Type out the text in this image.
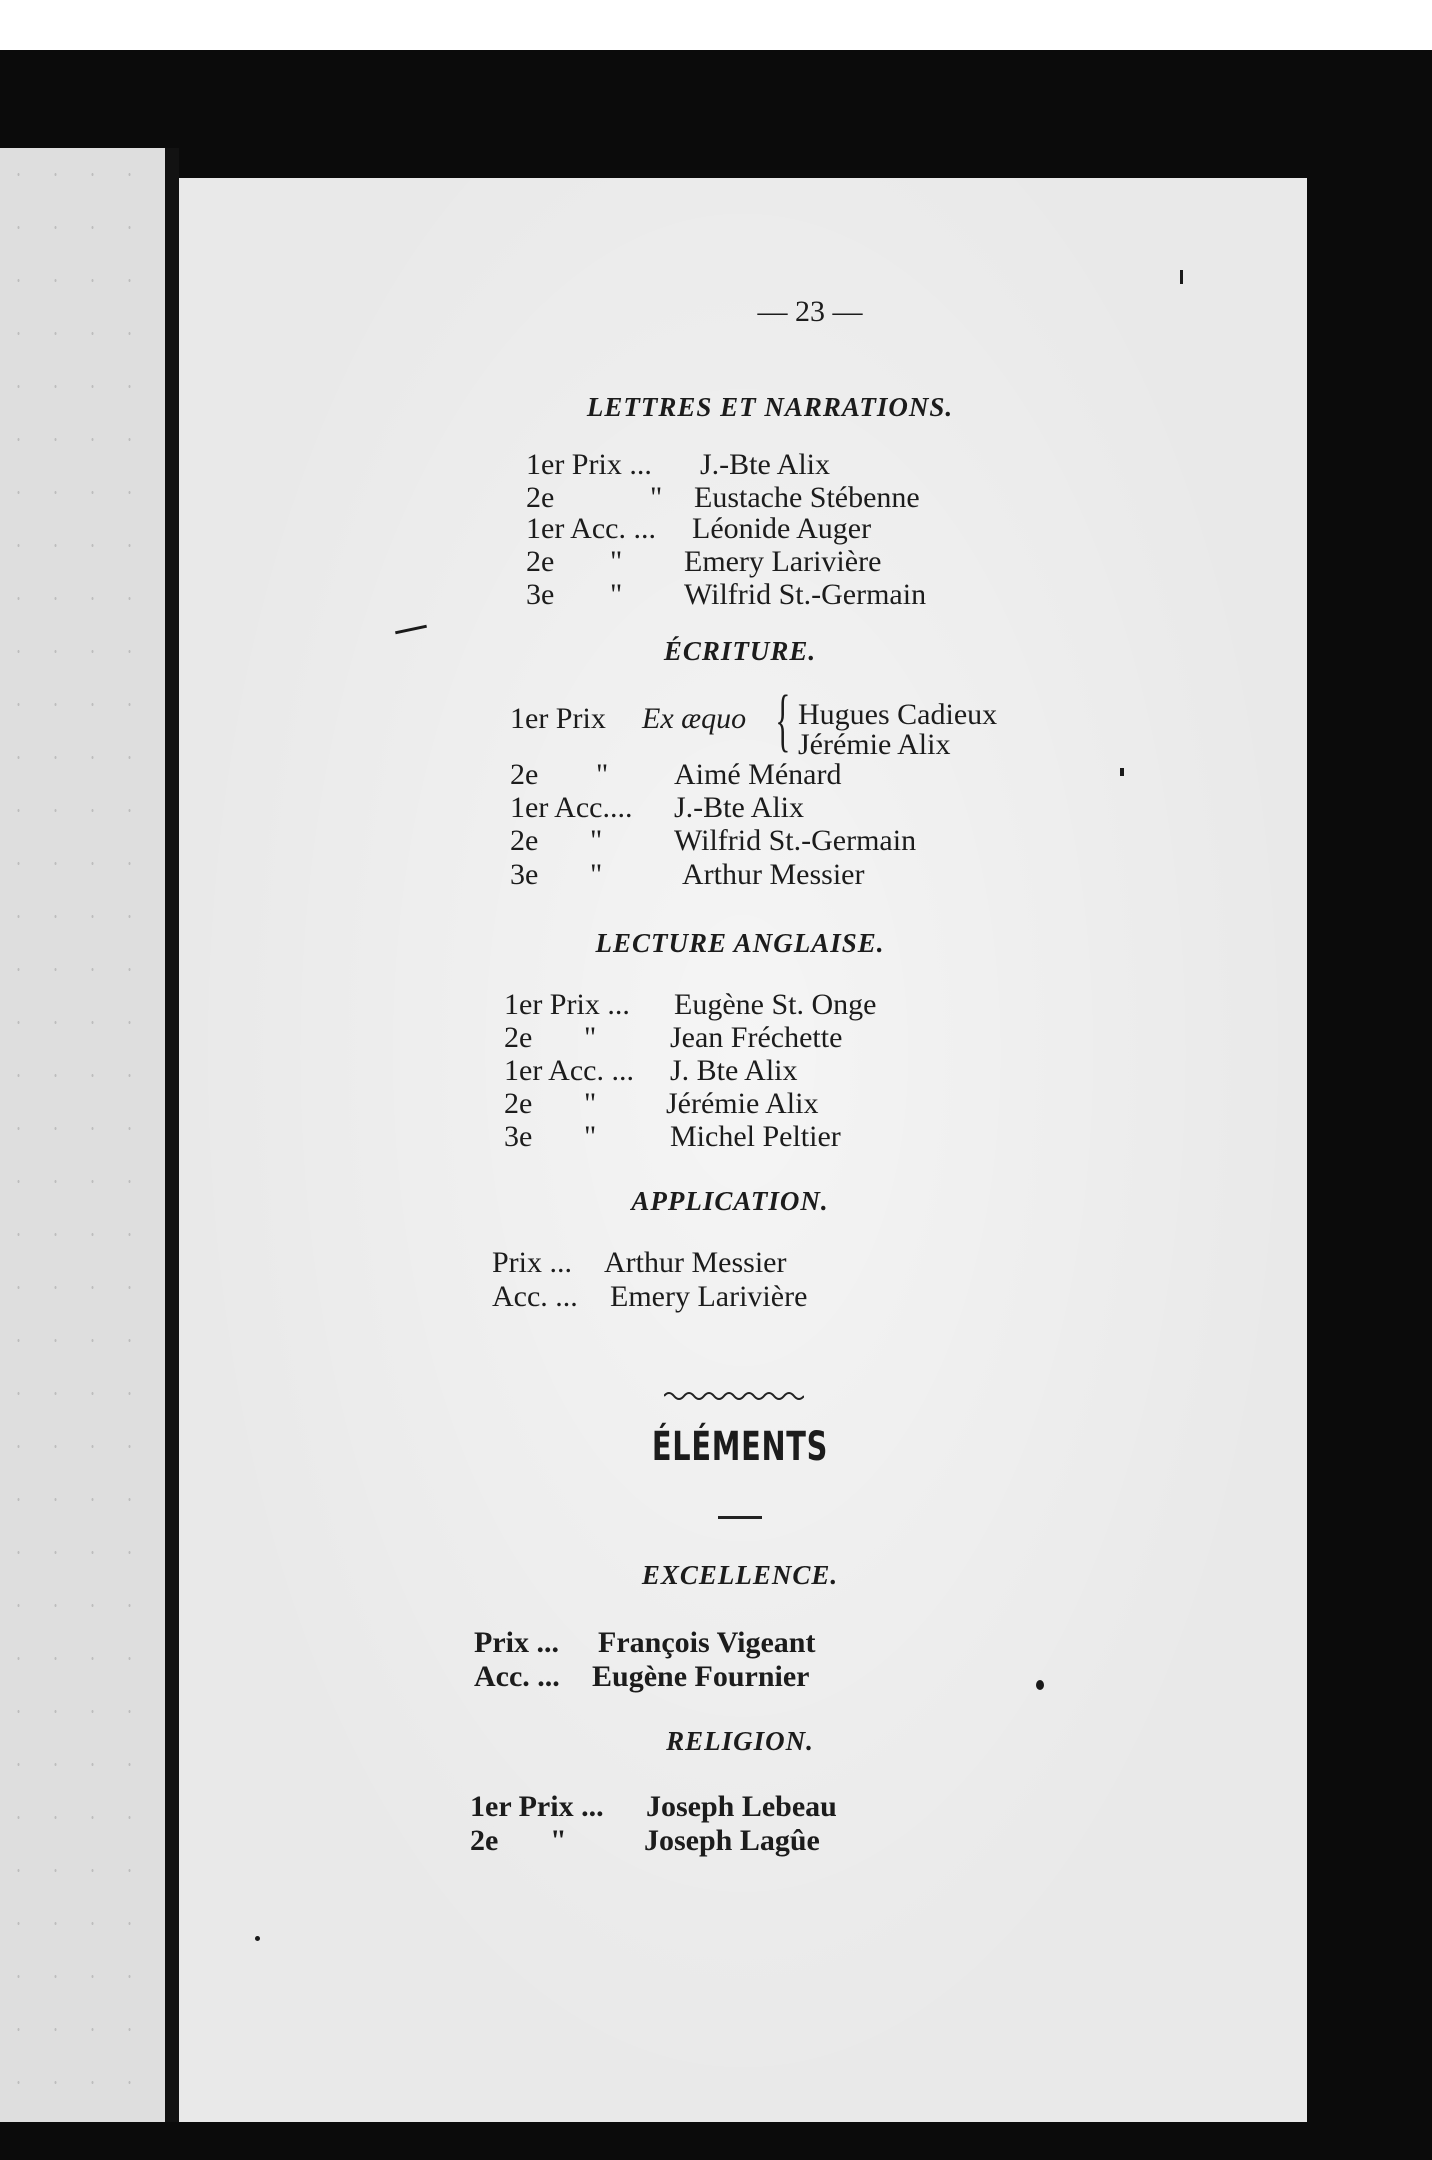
— 23 —
LETTRES ET NARRATIONS.
1er Prix ... J.-Bte Alix
2e	" Eustache Stébenne
1er Acc. ... Léonide Auger
2e " Emery Larivière
3e " Wilfrid St.-Germain
ÉCRITURE.
1er Prix Ex æquo { Hugues Cadieux
Jérémie Alix
2e " Aimé Ménard
1er Acc.... J.-Bte Alix
2e " Wilfrid St.-Germain
3e "	Arthur Messier
LECTURE ANGLAISE.
1er Prix ... Eugène St. Onge
2e " Jean Fréchette
1er Acc. ... J. Bte Alix
2e " Jérémie Alix
3e " Michel Peltier
APPLICATION.
Prix ... Arthur Messier
Acc. ... Emery Larivière
ÉLÉMENTS
EXCELLENCE.
Prix ... François Vigeant
Acc. ... Eugène Fournier
RELIGION.
1er Prix ... Joseph Lebeau
2e "	Joseph Lagûe
